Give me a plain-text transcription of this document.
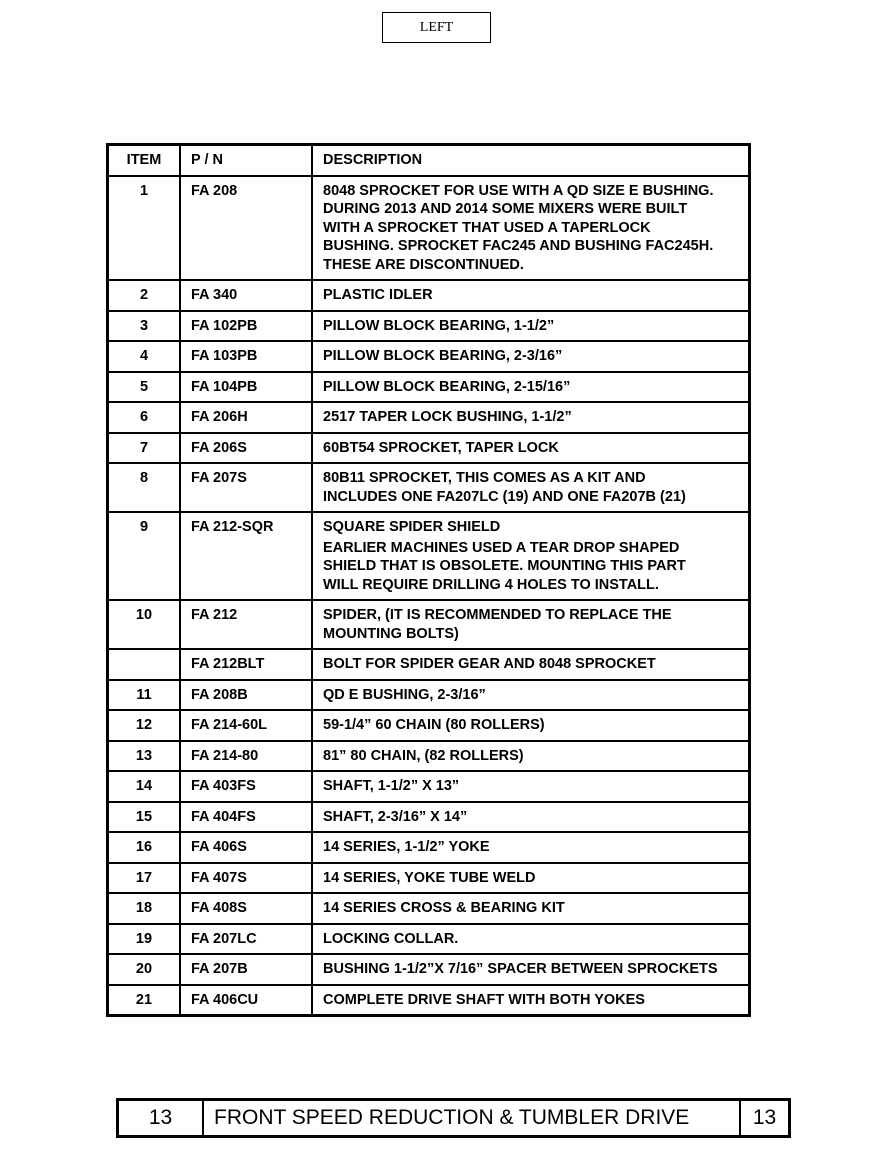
LEFT
ITEM	P / N	DESCRIPTION

1	FA 208	8048 SPROCKET FOR USE WITH A QD SIZE E BUSHING.
DURING 2013 AND 2014 SOME MIXERS WERE BUILT
WITH A SPROCKET THAT USED A TAPERLOCK
BUSHING. SPROCKET FAC245 AND BUSHING FAC245H.
THESE ARE DISCONTINUED.

2	FA 340	PLASTIC IDLER

3	FA 102PB	PILLOW BLOCK BEARING, 1-1/2”

4	FA 103PB	PILLOW BLOCK BEARING, 2-3/16”

5	FA 104PB	PILLOW BLOCK BEARING, 2-15/16”

6	FA 206H	2517 TAPER LOCK BUSHING, 1-1/2”

7	FA 206S	60BT54 SPROCKET, TAPER LOCK

8	FA 207S	80B11 SPROCKET, THIS COMES AS A KIT AND
INCLUDES ONE FA207LC (19) AND ONE FA207B (21)

9	FA 212-SQR	SQUARE SPIDER SHIELD
EARLIER MACHINES USED A TEAR DROP SHAPED
SHIELD THAT IS OBSOLETE. MOUNTING THIS PART
WILL REQUIRE DRILLING 4 HOLES TO INSTALL.

10	FA 212	SPIDER, (IT IS RECOMMENDED TO REPLACE THE
MOUNTING BOLTS)

	FA 212BLT	BOLT FOR SPIDER GEAR AND 8048 SPROCKET

11	FA 208B	QD E BUSHING, 2-3/16”

12	FA 214-60L	59-1/4” 60 CHAIN (80 ROLLERS)

13	FA 214-80	81” 80 CHAIN, (82 ROLLERS)

14	FA 403FS	SHAFT, 1-1/2” X 13”

15	FA 404FS	SHAFT, 2-3/16” X 14”

16	FA 406S	14 SERIES, 1-1/2” YOKE

17	FA 407S	14 SERIES, YOKE TUBE WELD

18	FA 408S	14 SERIES CROSS & BEARING KIT

19	FA 207LC	LOCKING COLLAR.

20	FA 207B	BUSHING 1-1/2”X 7/16” SPACER BETWEEN SPROCKETS

21	FA 406CU	COMPLETE DRIVE SHAFT WITH BOTH YOKES
13	FRONT SPEED REDUCTION & TUMBLER DRIVE	13
